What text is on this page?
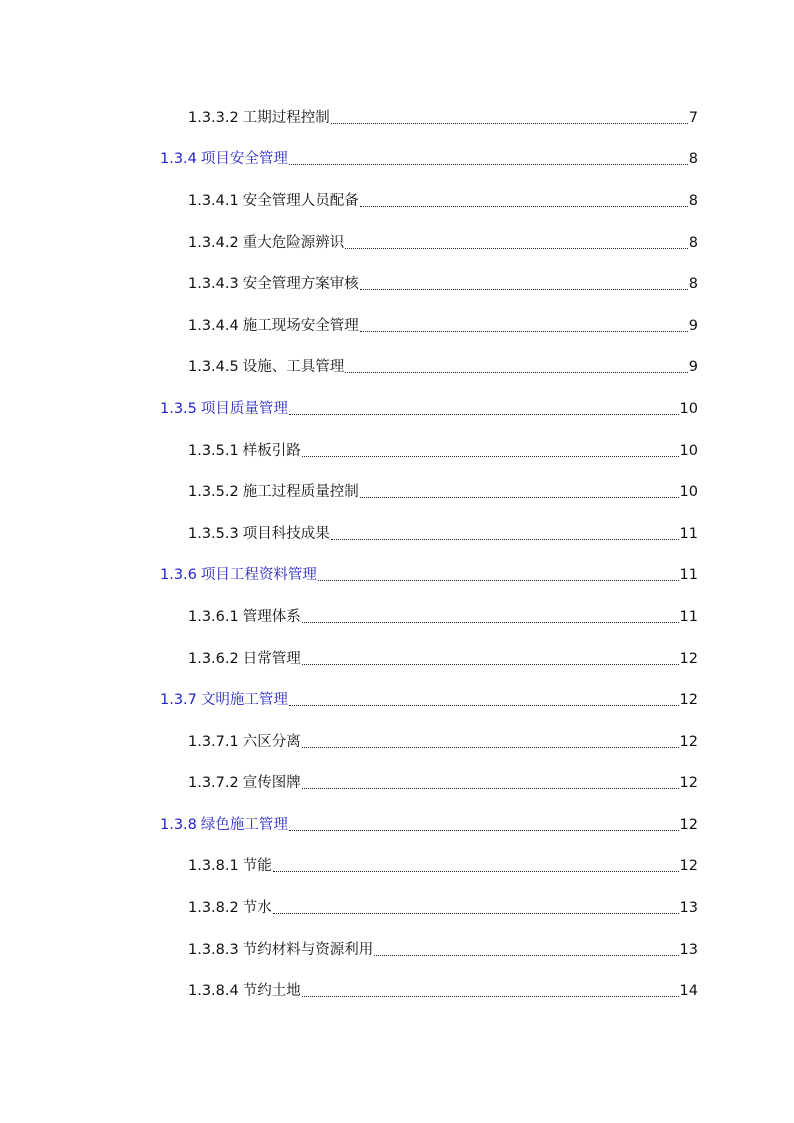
1.3.3.2 工期过程控制	7
1.3.4 项目安全管理	8
1.3.4.1 安全管理人员配备	8
1.3.4.2 重大危险源辨识	8
1.3.4.3 安全管理方案审核	8
1.3.4.4 施工现场安全管理	9
1.3.4.5 设施、工具管理	9
1.3.5 项目质量管理	10
1.3.5.1 样板引路	10
1.3.5.2 施工过程质量控制	10
1.3.5.3 项目科技成果	11
1.3.6 项目工程资料管理	11
1.3.6.1 管理体系	11
1.3.6.2 日常管理	12
1.3.7 文明施工管理	12
1.3.7.1 六区分离	12
1.3.7.2 宣传图牌	12
1.3.8 绿色施工管理	12
1.3.8.1 节能	12
1.3.8.2 节水	13
1.3.8.3 节约材料与资源利用	13
1.3.8.4 节约土地	14
